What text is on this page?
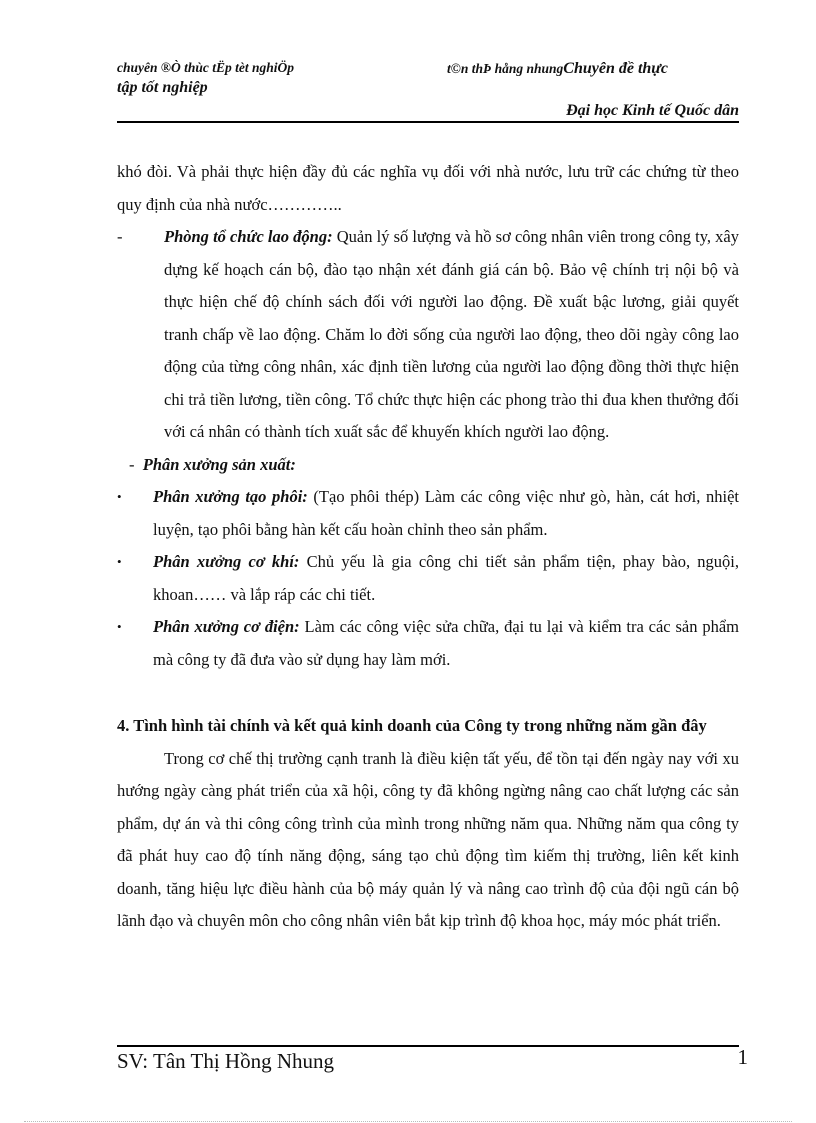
chuyên ®Ò thùc tËp tèt nghiÖp	t©n thÞ hång nhungChuyên đề thực
tập tốt nghiệp
Đại học Kinh tế Quốc dân

khó đòi. Và phải thực hiện đầy đủ các nghĩa vụ đối với nhà nước, lưu trữ các chứng từ theo quy định của nhà nước…………..

-	Phòng tổ chức lao động: Quản lý số lượng và hồ sơ công nhân viên trong công ty, xây dựng kế hoạch cán bộ, đào tạo nhận xét đánh giá cán bộ. Bảo vệ chính trị nội bộ và thực hiện chế độ chính sách đối với người lao động. Đề xuất bậc lương, giải quyết tranh chấp về lao động. Chăm lo đời sống của người lao động, theo dõi ngày công lao động của từng công nhân, xác định tiền lương của người lao động đồng thời thực hiện chi trả tiền lương, tiền công. Tổ chức thực hiện các phong trào thi đua khen thưởng đối với cá nhân có thành tích xuất sắc để khuyến khích người lao động.

- Phân xưởng sản xuất:

• Phân xưởng tạo phôi: (Tạo phôi thép) Làm các công việc như gò, hàn, cát hơi, nhiệt luyện, tạo phôi bằng hàn kết cấu hoàn chỉnh theo sản phẩm.

• Phân xưởng cơ khí: Chủ yếu là gia công chi tiết sản phẩm tiện, phay bào, nguội, khoan…… và lắp ráp các chi tiết.

• Phân xưởng cơ điện: Làm các công việc sửa chữa, đại tu lại và kiểm tra các sản phẩm mà công ty đã đưa vào sử dụng hay làm mới.

4. Tình hình tài chính và kết quả kinh doanh của Công ty trong những năm gần đây

Trong cơ chế thị trường cạnh tranh là điều kiện tất yếu, để tồn tại đến ngày nay với xu hướng ngày càng phát triển của xã hội, công ty đã không ngừng nâng cao chất lượng các sản phẩm, dự án và thi công công trình của mình trong những năm qua. Những năm qua công ty đã phát huy cao độ tính năng động, sáng tạo chủ động tìm kiếm thị trường, liên kết kinh doanh, tăng hiệu lực điều hành của bộ máy quản lý và nâng cao trình độ của đội ngũ cán bộ lãnh đạo và chuyên môn cho công nhân viên bắt kịp trình độ khoa học, máy móc phát triển.

SV: Tân Thị Hồng Nhung	1
